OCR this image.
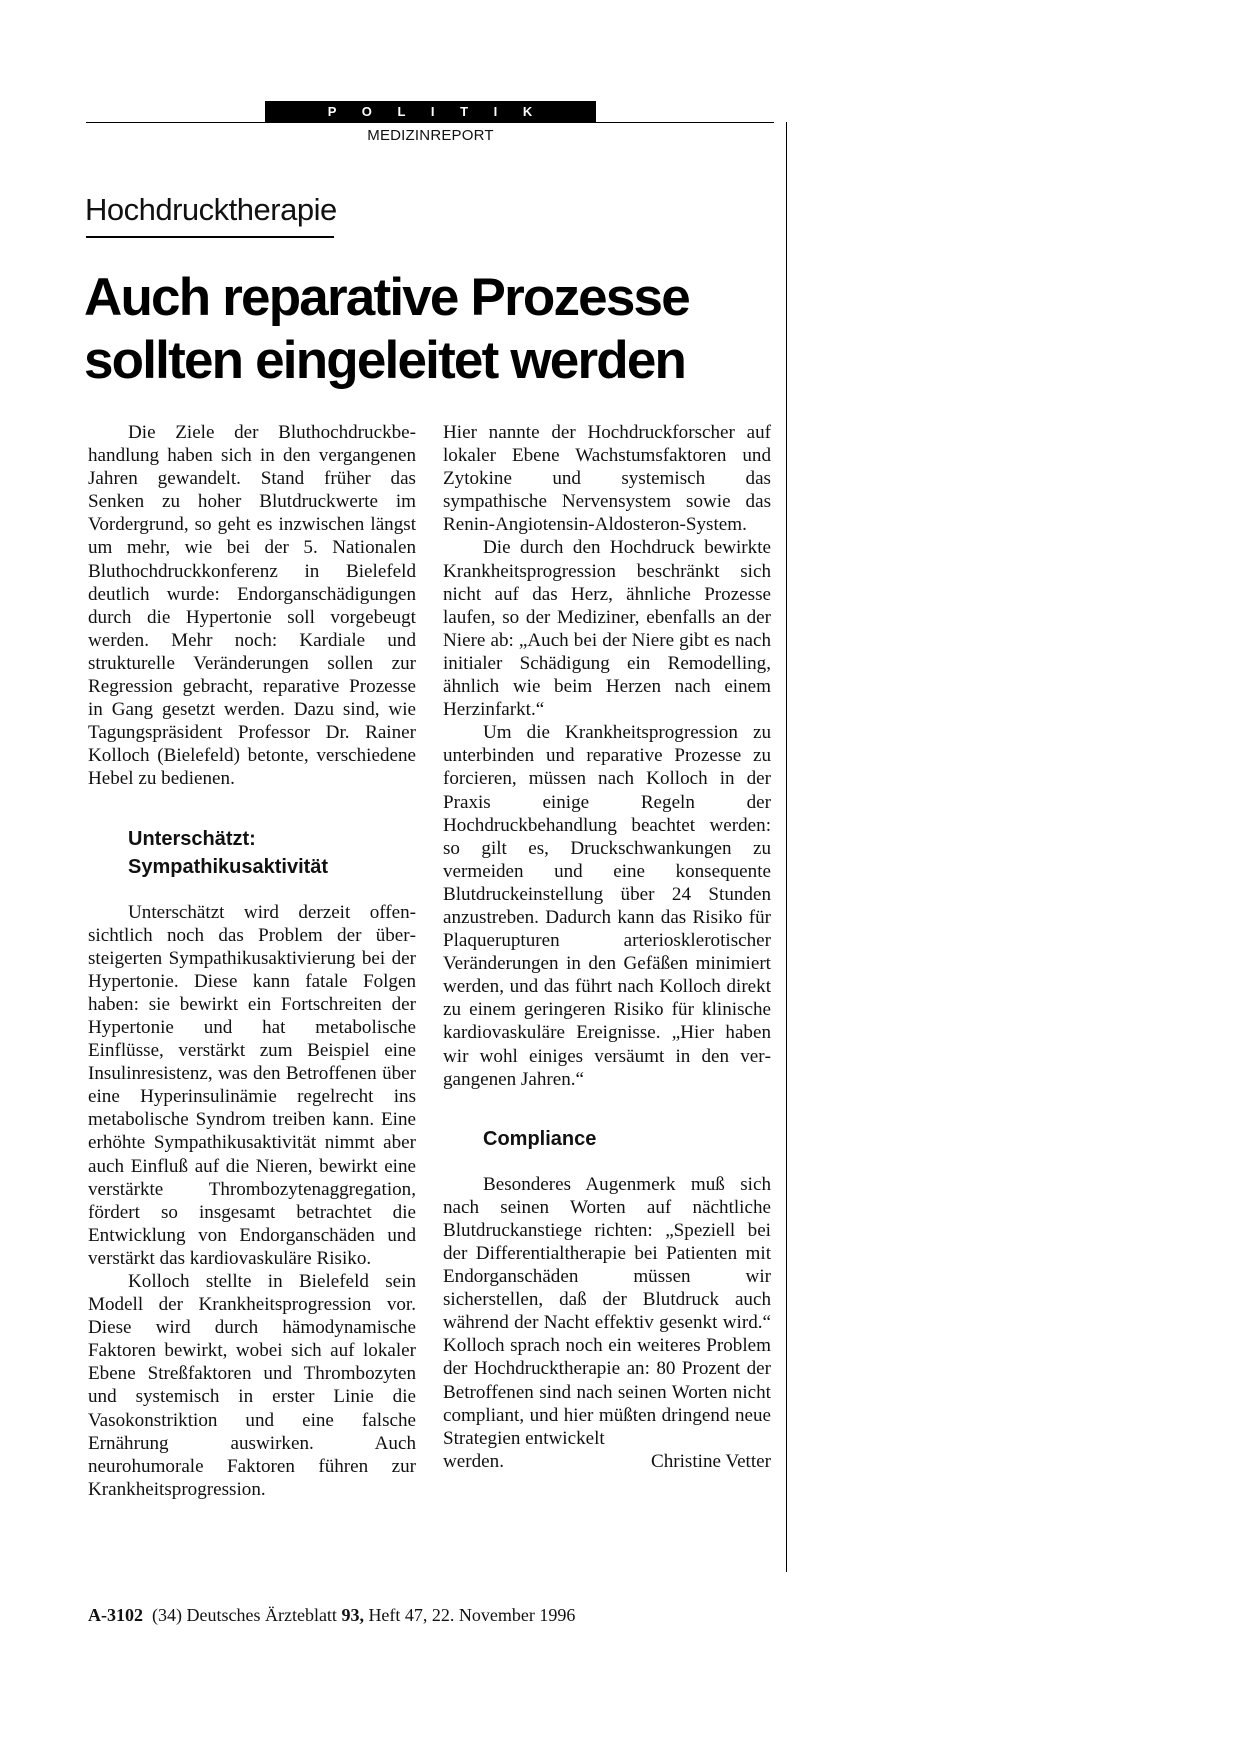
P O L I T I K
MEDIZINREPORT
Hochdrucktherapie
Auch reparative Prozesse
sollten eingeleitet werden

Die Ziele der Bluthochdruckbehandlung haben sich in den vergangenen Jahren gewandelt. Stand früher das Senken zu hoher Blutdruckwerte im Vordergrund, so geht es inzwischen längst um mehr, wie bei der 5. Nationalen Bluthochdruckkonferenz in Bielefeld deutlich wurde: Endorganschädigungen durch die Hypertonie soll vorgebeugt werden. Mehr noch: Kardiale und strukturelle Veränderungen sollen zur Regression gebracht, reparative Prozesse in Gang gesetzt werden. Dazu sind, wie Tagungspräsident Professor Dr. Rainer Kolloch (Bielefeld) betonte, verschiedene Hebel zu bedienen.

Unterschätzt:
Sympathikusaktivität

Unterschätzt wird derzeit offensichtlich noch das Problem der übersteigerten Sympathikusaktivierung bei der Hypertonie. Diese kann fatale Folgen haben: sie bewirkt ein Fortschreiten der Hypertonie und hat metabolische Einflüsse, verstärkt zum Beispiel eine Insulinresistenz, was den Betroffenen über eine Hyperinsulinämie regelrecht ins metabolische Syndrom treiben kann. Eine erhöhte Sympathikusaktivität nimmt aber auch Einfluß auf die Nieren, bewirkt eine verstärkte Thrombozytenaggregation, fördert so insgesamt betrachtet die Entwicklung von Endorganschäden und verstärkt das kardiovaskuläre Risiko.

Kolloch stellte in Bielefeld sein Modell der Krankheitsprogression vor. Diese wird durch hämodynamische Faktoren bewirkt, wobei sich auf lokaler Ebene Streßfaktoren und Thrombozyten und systemisch in erster Linie die Vasokonstriktion und eine falsche Ernährung auswirken. Auch neurohumorale Faktoren führen zur Krankheitsprogression.

Hier nannte der Hochdruckforscher auf lokaler Ebene Wachstumsfaktoren und Zytokine und systemisch das sympathische Nervensystem sowie das Renin-Angiotensin-Aldosteron-System.

Die durch den Hochdruck bewirkte Krankheitsprogression beschränkt sich nicht auf das Herz, ähnliche Prozesse laufen, so der Mediziner, ebenfalls an der Niere ab: „Auch bei der Niere gibt es nach initialer Schädigung ein Remodelling, ähnlich wie beim Herzen nach einem Herzinfarkt.“

Um die Krankheitsprogression zu unterbinden und reparative Prozesse zu forcieren, müssen nach Kolloch in der Praxis einige Regeln der Hochdruckbehandlung beachtet werden: so gilt es, Druckschwankungen zu vermeiden und eine konsequente Blutdruckeinstellung über 24 Stunden anzustreben. Dadurch kann das Risiko für Plaquerupturen arteriosklerotischer Veränderungen in den Gefäßen minimiert werden, und das führt nach Kolloch direkt zu einem geringeren Risiko für klinische kardiovaskuläre Ereignisse. „Hier haben wir wohl einiges versäumt in den vergangenen Jahren.“

Compliance

Besonderes Augenmerk muß sich nach seinen Worten auf nächtliche Blutdruckanstiege richten: „Speziell bei der Differentialtherapie bei Patienten mit Endorganschäden müssen wir sicherstellen, daß der Blutdruck auch während der Nacht effektiv gesenkt wird.“ Kolloch sprach noch ein weiteres Problem der Hochdrucktherapie an: 80 Prozent der Betroffenen sind nach seinen Worten nicht compliant, und hier müßten dringend neue Strategien entwickelt

werden.	Christine Vetter
A-3102 (34) Deutsches Ärzteblatt 93, Heft 47, 22. November 1996
